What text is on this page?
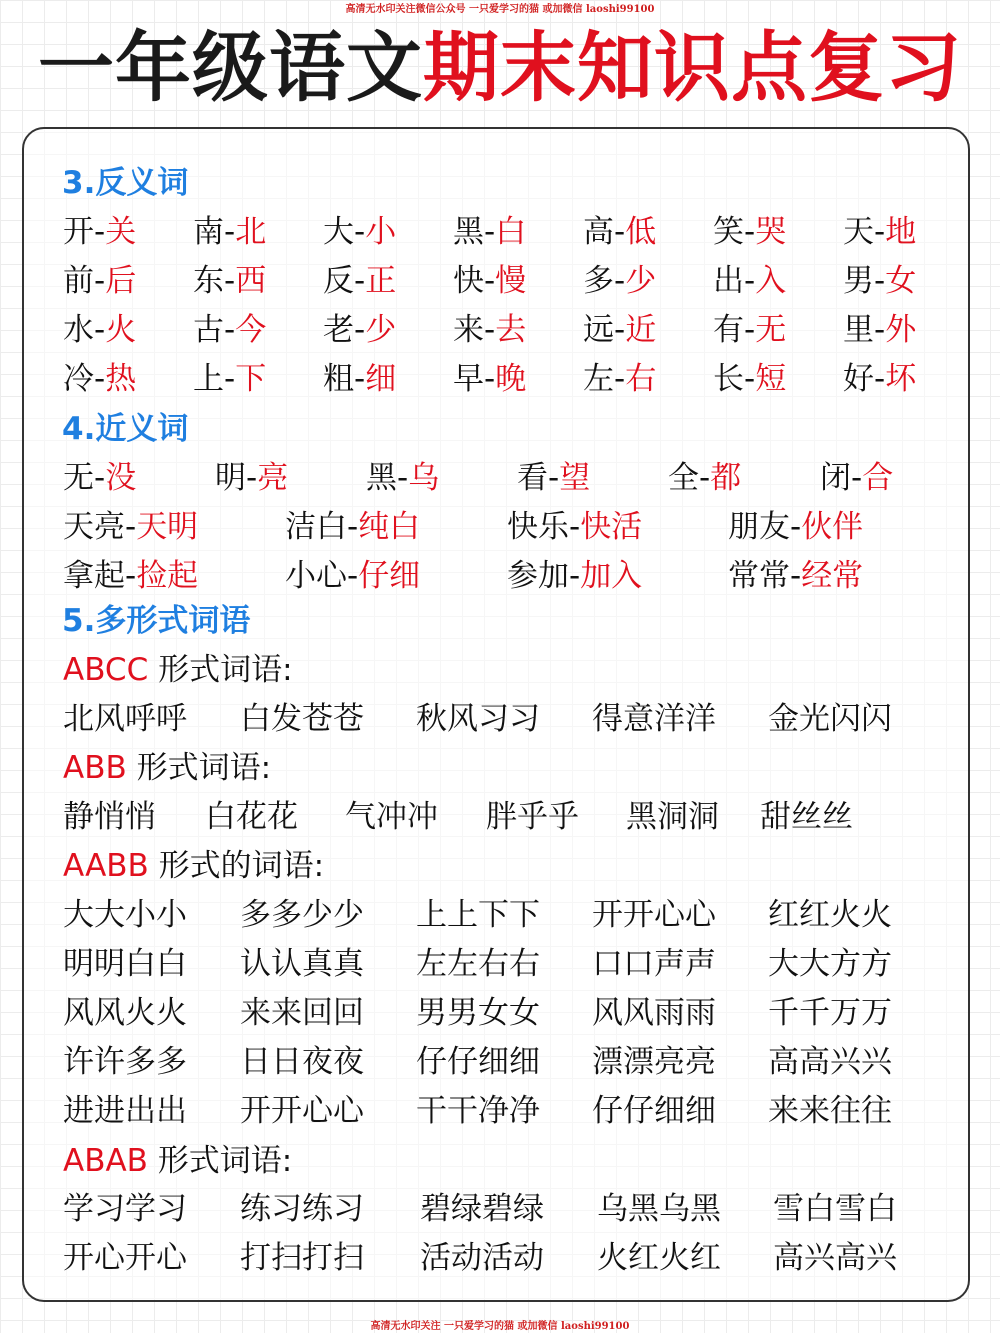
高清无水印关注微信公众号 一只爱学习的猫 或加微信 laoshi99100
一年级语文期末知识点复习
3.反义词
开-关 南-北 大-小 黑-白 高-低 笑-哭 天-地
前-后 东-西 反-正 快-慢 多-少 出-入 男-女
水-火 古-今 老-少 来-去 远-近 有-无 里-外
冷-热 上-下 粗-细 早-晚 左-右 长-短 好-坏
4.近义词
无-没	明-亮	黑-乌	看-望	全-都	闭-合
天亮-天明	洁白-纯白	快乐-快活	朋友-伙伴
拿起-捡起	小心-仔细	参加-加入	常常-经常
5.多形式词语
ABCC 形式词语:
北风呼呼 白发苍苍 秋风习习 得意洋洋 金光闪闪
ABB 形式词语:
静悄悄 白花花 气冲冲 胖乎乎 黑洞洞 甜丝丝
AABB 形式的词语:
大大小小 多多少少 上上下下 开开心心 红红火火
明明白白 认认真真 左左右右 口口声声 大大方方
风风火火 来来回回 男男女女 风风雨雨 千千万万
许许多多 日日夜夜 仔仔细细 漂漂亮亮 高高兴兴
进进出出 开开心心 干干净净 仔仔细细 来来往往
ABAB 形式词语:
学习学习 练习练习 碧绿碧绿 乌黑乌黑 雪白雪白
开心开心 打扫打扫 活动活动 火红火红 高兴高兴
高清无水印关注 一只爱学习的猫 或加微信 laoshi99100
